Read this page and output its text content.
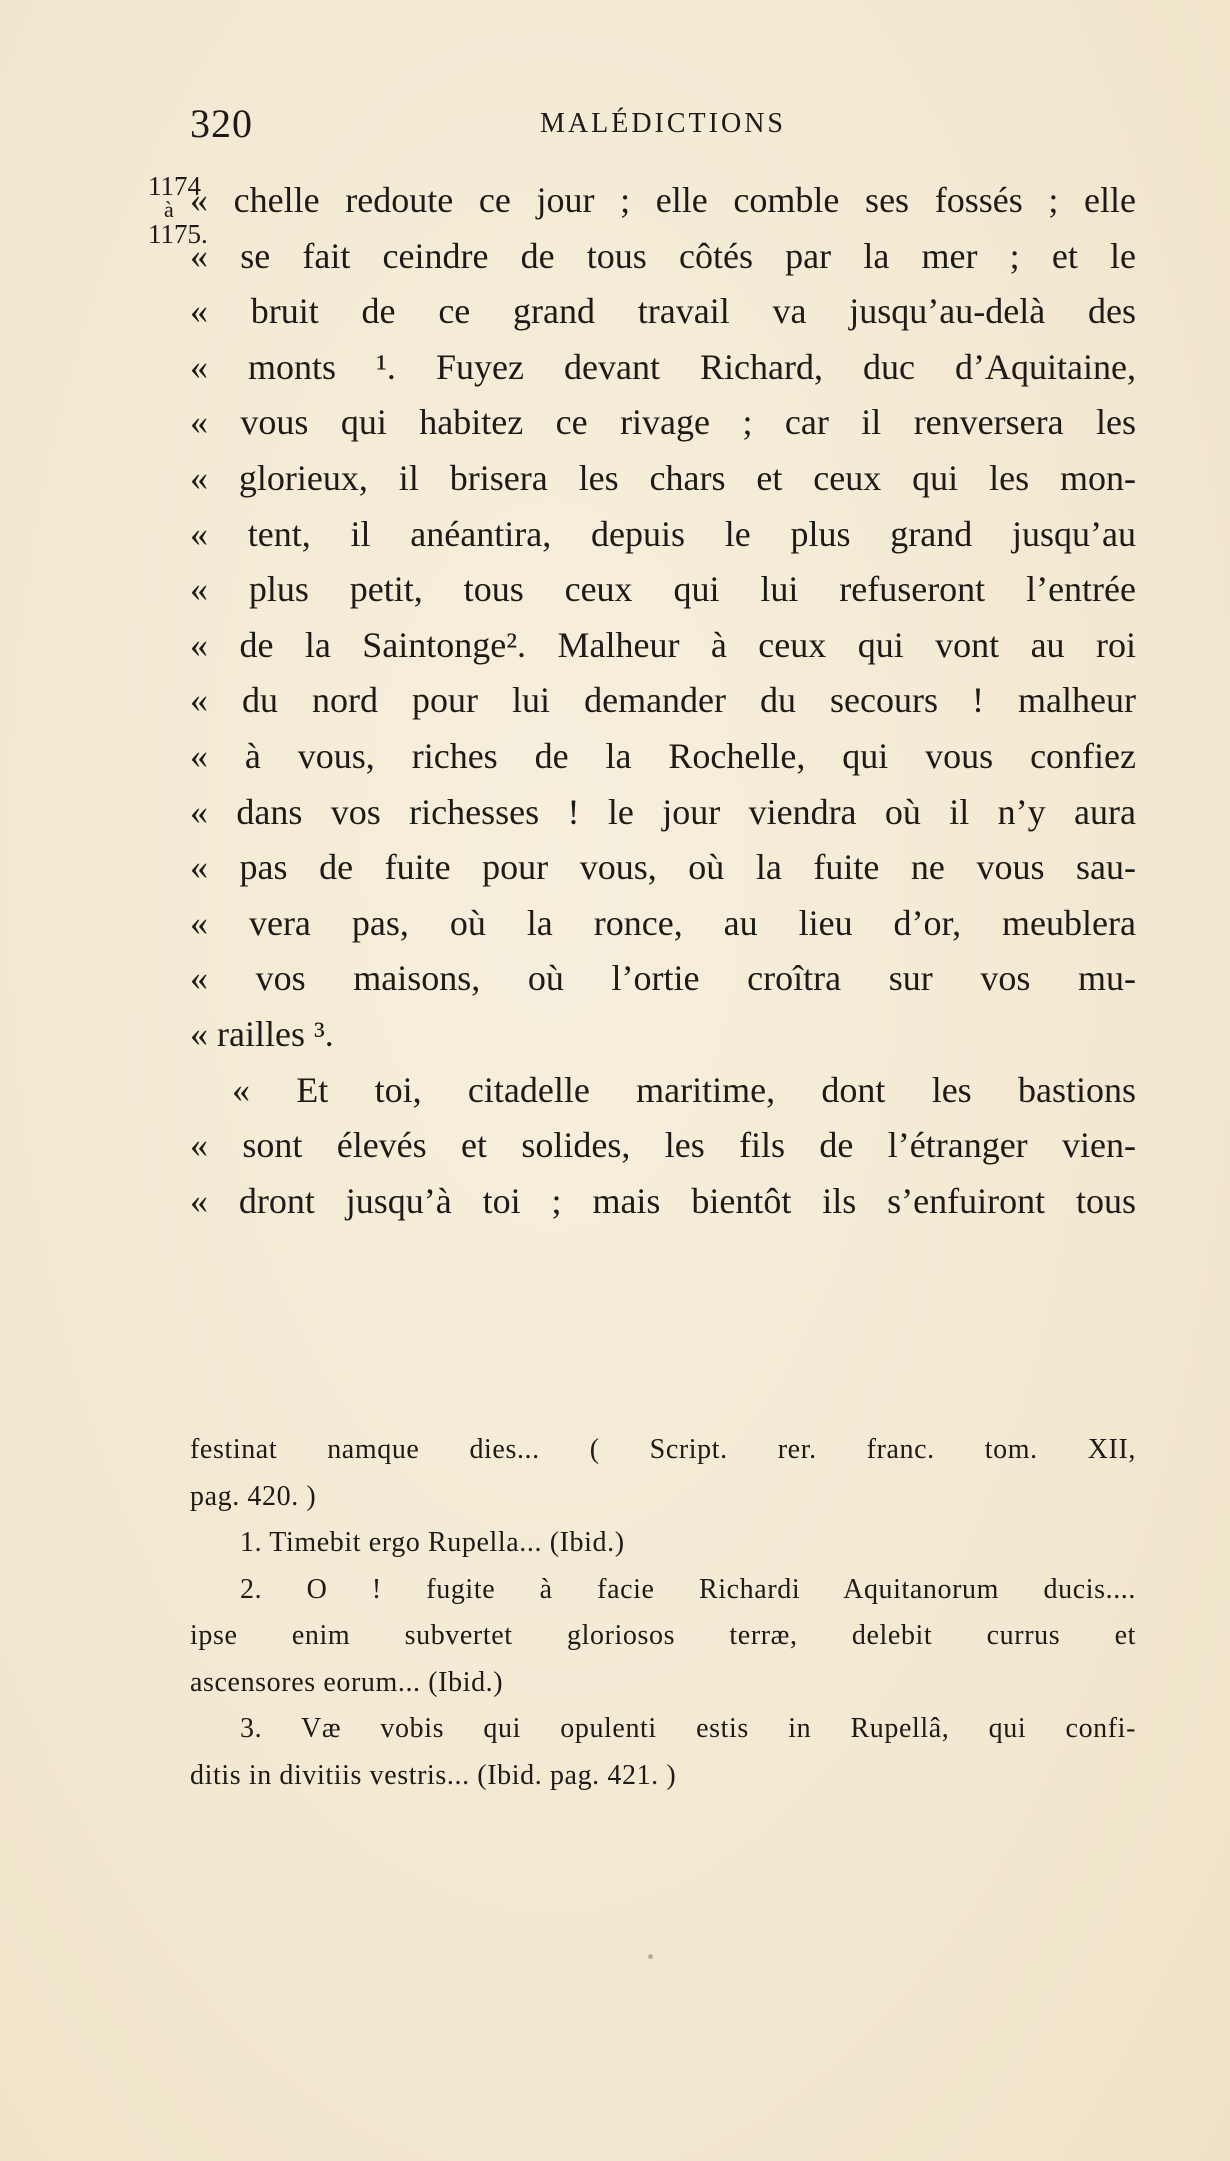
320	MALÉDICTIONS
1174
à
1175.
« chelle redoute ce jour ; elle comble ses fossés ; elle
« se fait ceindre de tous côtés par la mer ; et le
« bruit de ce grand travail va jusqu’au-delà des
« monts ¹. Fuyez devant Richard, duc d’Aquitaine,
« vous qui habitez ce rivage ; car il renversera les
« glorieux, il brisera les chars et ceux qui les mon-
« tent, il anéantira, depuis le plus grand jusqu’au
« plus petit, tous ceux qui lui refuseront l’entrée
« de la Saintonge². Malheur à ceux qui vont au roi
« du nord pour lui demander du secours ! malheur
« à vous, riches de la Rochelle, qui vous confiez
« dans vos richesses ! le jour viendra où il n’y aura
« pas de fuite pour vous, où la fuite ne vous sau-
« vera pas, où la ronce, au lieu d’or, meublera
« vos maisons, où l’ortie croîtra sur vos mu-
« railles ³.
« Et toi, citadelle maritime, dont les bastions
« sont élevés et solides, les fils de l’étranger vien-
« dront jusqu’à toi ; mais bientôt ils s’enfuiront tous
festinat namque dies... ( Script. rer. franc. tom. XII,
pag. 420. )
1. Timebit ergo Rupella... (Ibid.)
2. O ! fugite à facie Richardi Aquitanorum ducis....
ipse enim subvertet gloriosos terræ, delebit currus et
ascensores eorum... (Ibid.)
3. Væ vobis qui opulenti estis in Rupellâ, qui confi-
ditis in divitiis vestris... (Ibid. pag. 421. )
